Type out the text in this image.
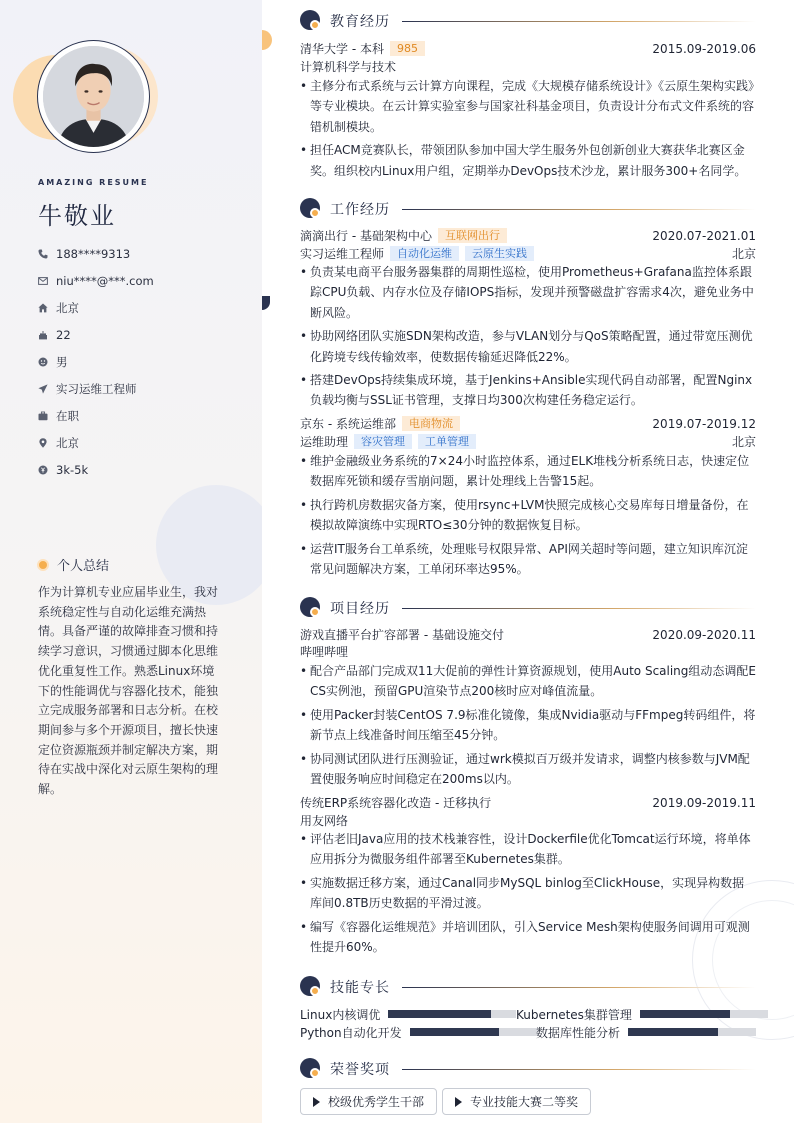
AMAZING RESUME
牛敬业
188****9313
niu****@***.com
北京
22
男
实习运维工程师
在职
北京
3k-5k
个人总结

作为计算机专业应届毕业生，我对系统稳定性与自动化运维充满热情。具备严谨的故障排查习惯和持续学习意识，习惯通过脚本化思维优化重复性工作。熟悉Linux环境下的性能调优与容器化技术，能独立完成服务部署和日志分析。在校期间参与多个开源项目，擅长快速定位资源瓶颈并制定解决方案，期待在实战中深化对云原生架构的理解。

教育经历
清华大学 - 本科	985	2015.09-2019.06
计算机科学与技术
• 主修分布式系统与云计算方向课程，完成《大规模存储系统设计》《云原生架构实践》等专业模块。在云计算实验室参与国家社科基金项目，负责设计分布式文件系统的容错机制模块。
• 担任ACM竞赛队长，带领团队参加中国大学生服务外包创新创业大赛获华北赛区金奖。组织校内Linux用户组，定期举办DevOps技术沙龙，累计服务300+名同学。
工作经历
滴滴出行 - 基础架构中心	互联网出行	2020.07-2021.01
实习运维工程师	自动化运维	云原生实践	北京
• 负责某电商平台服务器集群的周期性巡检，使用Prometheus+Grafana监控体系跟踪CPU负载、内存水位及存储IOPS指标，发现并预警磁盘扩容需求4次，避免业务中断风险。
• 协助网络团队实施SDN架构改造，参与VLAN划分与QoS策略配置，通过带宽压测优化跨境专线传输效率，使数据传输延迟降低22%。
• 搭建DevOps持续集成环境，基于Jenkins+Ansible实现代码自动部署，配置Nginx负载均衡与SSL证书管理，支撑日均300次构建任务稳定运行。
京东 - 系统运维部	电商物流	2019.07-2019.12
运维助理	容灾管理	工单管理	北京
• 维护金融级业务系统的7×24小时监控体系，通过ELK堆栈分析系统日志，快速定位数据库死锁和缓存雪崩问题，累计处理线上告警15起。
• 执行跨机房数据灾备方案，使用rsync+LVM快照完成核心交易库每日增量备份，在模拟故障演练中实现RTO≤30分钟的数据恢复目标。
• 运营IT服务台工单系统，处理账号权限异常、API网关超时等问题，建立知识库沉淀常见问题解决方案，工单闭环率达95%。
项目经历
游戏直播平台扩容部署 - 基础设施交付	2020.09-2020.11
哔哩哔哩
• 配合产品部门完成双11大促前的弹性计算资源规划，使用Auto Scaling组动态调配ECS实例池，预留GPU渲染节点200核时应对峰值流量。
• 使用Packer封装CentOS 7.9标准化镜像，集成Nvidia驱动与FFmpeg转码组件，将新节点上线准备时间压缩至45分钟。
• 协同测试团队进行压测验证，通过wrk模拟百万级并发请求，调整内核参数与JVM配置使服务响应时间稳定在200ms以内。
传统ERP系统容器化改造 - 迁移执行	2019.09-2019.11
用友网络
• 评估老旧Java应用的技术栈兼容性，设计Dockerfile优化Tomcat运行环境，将单体应用拆分为微服务组件部署至Kubernetes集群。
• 实施数据迁移方案，通过Canal同步MySQL binlog至ClickHouse，实现异构数据库间0.8TB历史数据的平滑过渡。
• 编写《容器化运维规范》并培训团队，引入Service Mesh架构使服务间调用可观测性提升60%。
技能专长
Linux内核调优	Kubernetes集群管理
Python自动化开发	数据库性能分析
荣誉奖项
校级优秀学生干部	专业技能大赛二等奖
